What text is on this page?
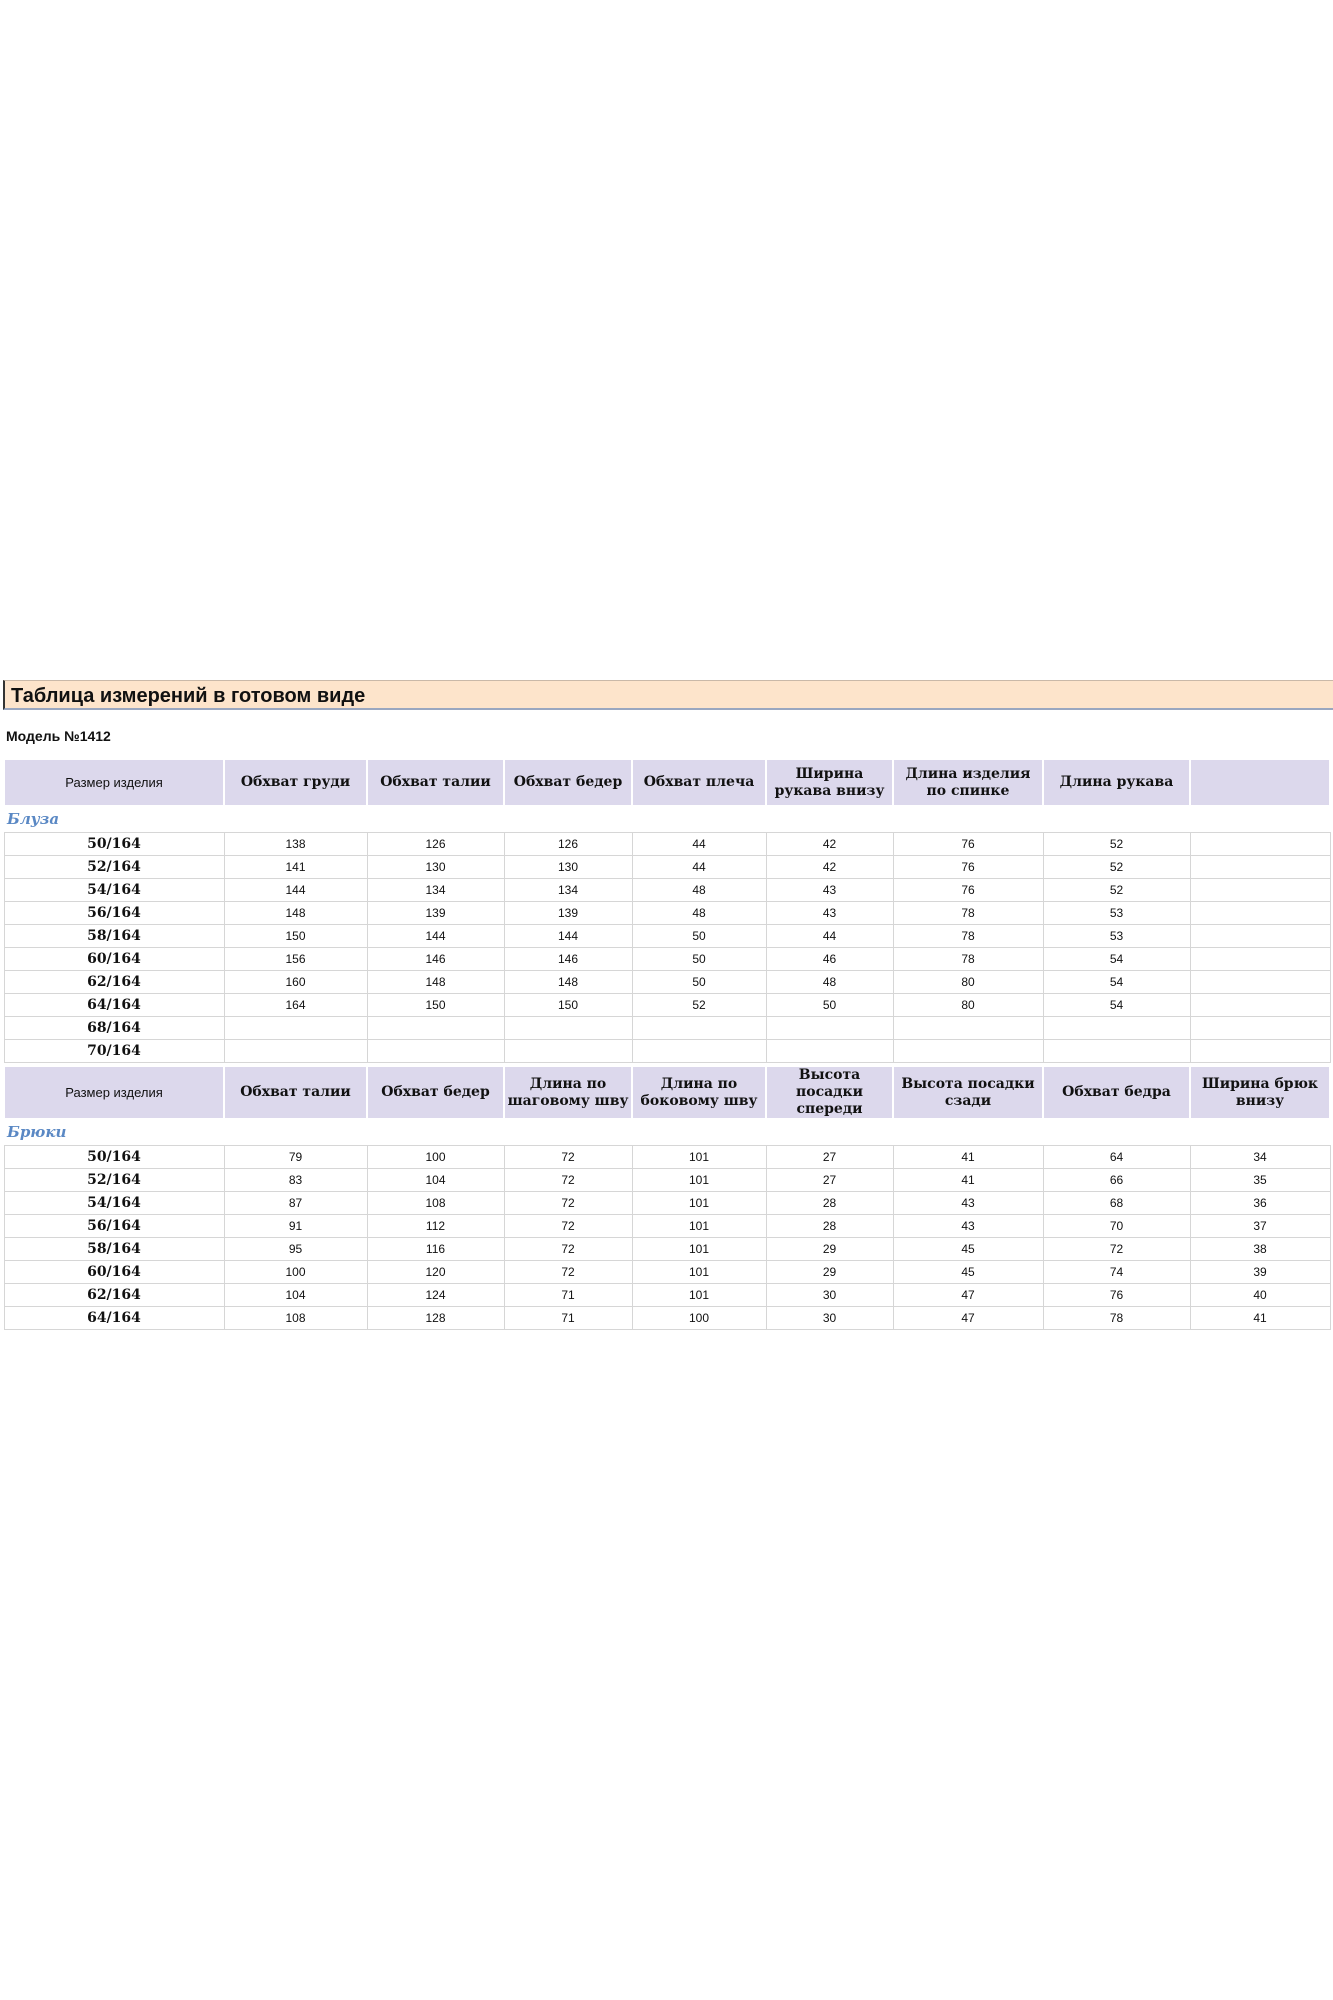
Таблица измерений в готовом виде
Модель №1412
Размер изделия	Обхват груди	Обхват талии	Обхват бедер	Обхват плеча	Ширина рукава внизу	Длина изделия по спинке	Длина рукава	
Блуза								
50/164	138	126	126	44	42	76	52	
52/164	141	130	130	44	42	76	52	
54/164	144	134	134	48	43	76	52	
56/164	148	139	139	48	43	78	53	
58/164	150	144	144	50	44	78	53	
60/164	156	146	146	50	46	78	54	
62/164	160	148	148	50	48	80	54	
64/164	164	150	150	52	50	80	54	
68/164								
70/164								
Размер изделия	Обхват талии	Обхват бедер	Длина по шаговому шву	Длина по боковому шву	Высота посадки спереди	Высота посадки сзади	Обхват бедра	Ширина брюк внизу
Брюки								
50/164	79	100	72	101	27	41	64	34
52/164	83	104	72	101	27	41	66	35
54/164	87	108	72	101	28	43	68	36
56/164	91	112	72	101	28	43	70	37
58/164	95	116	72	101	29	45	72	38
60/164	100	120	72	101	29	45	74	39
62/164	104	124	71	101	30	47	76	40
64/164	108	128	71	100	30	47	78	41
